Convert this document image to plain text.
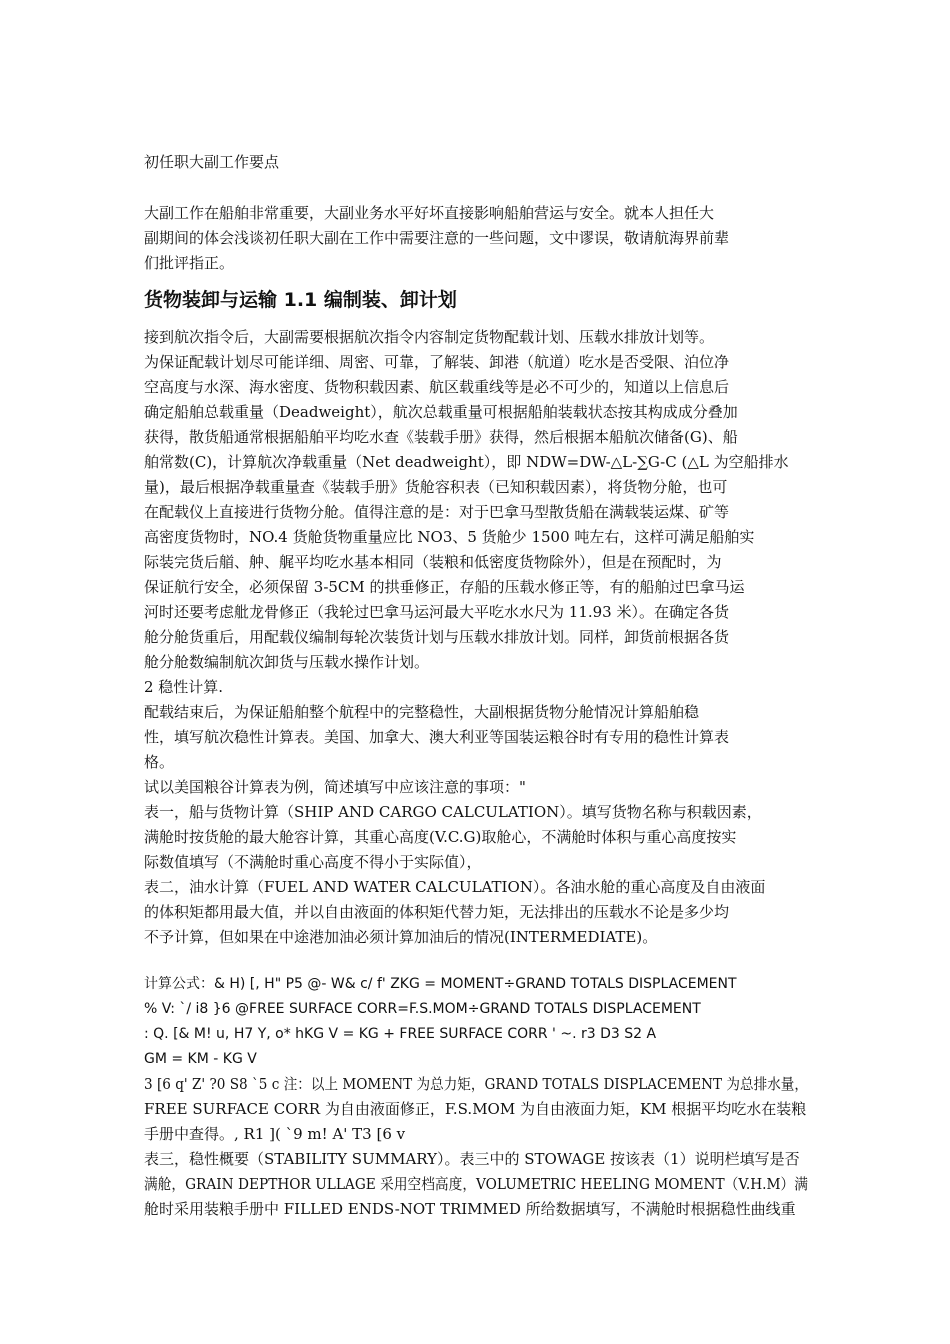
初任职大副工作要点
大副工作在船舶非常重要，大副业务水平好坏直接影响船舶营运与安全。就本人担任大
副期间的体会浅谈初任职大副在工作中需要注意的一些问题，文中谬误，敬请航海界前辈
们批评指正。
货物装卸与运输 1.1 编制装、卸计划
接到航次指令后，大副需要根据航次指令内容制定货物配载计划、压载水排放计划等。
为保证配载计划尽可能详细、周密、可靠，了解装、卸港（航道）吃水是否受限、泊位净
空高度与水深、海水密度、货物积载因素、航区载重线等是必不可少的，知道以上信息后
确定船舶总载重量（Deadweight），航次总载重量可根据船舶装载状态按其构成成分叠加
获得，散货船通常根据船舶平均吃水查《装载手册》获得，然后根据本船航次储备(G)、船
舶常数(C)，计算航次净载重量（Net deadweight），即 NDW=DW-△L-∑G-C (△L 为空船排水
量)，最后根据净载重量查《装载手册》货舱容积表（已知积载因素），将货物分舱，也可
在配载仪上直接进行货物分舱。值得注意的是：对于巴拿马型散货船在满载装运煤、矿等
高密度货物时，NO.4 货舱货物重量应比 NO3、5 货舱少 1500 吨左右，这样可满足船舶实
际装完货后艏、舯、艉平均吃水基本相同（装粮和低密度货物除外），但是在预配时，为
保证航行安全，必须保留 3-5CM 的拱垂修正，存船的压载水修正等，有的船舶过巴拿马运
河时还要考虑舭龙骨修正（我轮过巴拿马运河最大平吃水水尺为 11.93 米）。在确定各货
舱分舱货重后，用配载仪编制每轮次装货计划与压载水排放计划。同样，卸货前根据各货
舱分舱数编制航次卸货与压载水操作计划。
2 稳性计算.
配载结束后，为保证船舶整个航程中的完整稳性，大副根据货物分舱情况计算船舶稳
性，填写航次稳性计算表。美国、加拿大、澳大利亚等国装运粮谷时有专用的稳性计算表
格。
试以美国粮谷计算表为例，简述填写中应该注意的事项："
表一，船与货物计算（SHIP AND CARGO CALCULATION）。填写货物名称与积载因素，
满舱时按货舱的最大舱容计算，其重心高度(V.C.G)取舱心，不满舱时体积与重心高度按实
际数值填写（不满舱时重心高度不得小于实际值），
表二，油水计算（FUEL AND WATER CALCULATION）。各油水舱的重心高度及自由液面
的体积矩都用最大值，并以自由液面的体积矩代替力矩，无法排出的压载水不论是多少均
不予计算，但如果在中途港加油必须计算加油后的情况(INTERMEDIATE)。
计算公式：& H) [, H" P5 @- W& c/ f' ZKG = MOMENT÷GRAND TOTALS DISPLACEMENT
% V: `/ i8 }6 @FREE SURFACE CORR=F.S.MOM÷GRAND TOTALS DISPLACEMENT
: Q. [& M! u, H7 Y, o* hKG V = KG + FREE SURFACE CORR ' ~. r3 D3 S2 A
GM = KM - KG V
3 [6 q' Z' ?0 S8 `5 c 注：以上 MOMENT 为总力矩，GRAND TOTALS DISPLACEMENT 为总排水量，
FREE SURFACE CORR 为自由液面修正，F.S.MOM 为自由液面力矩，KM 根据平均吃水在装粮
手册中查得。, R1 ]( `9 m! A' T3 [6 v
表三，稳性概要（STABILITY SUMMARY）。表三中的 STOWAGE 按该表（1）说明栏填写是否
满舱，GRAIN DEPTHOR ULLAGE 采用空档高度，VOLUMETRIC HEELING MOMENT（V.H.M）满
舱时采用装粮手册中 FILLED ENDS-NOT TRIMMED 所给数据填写，不满舱时根据稳性曲线重
